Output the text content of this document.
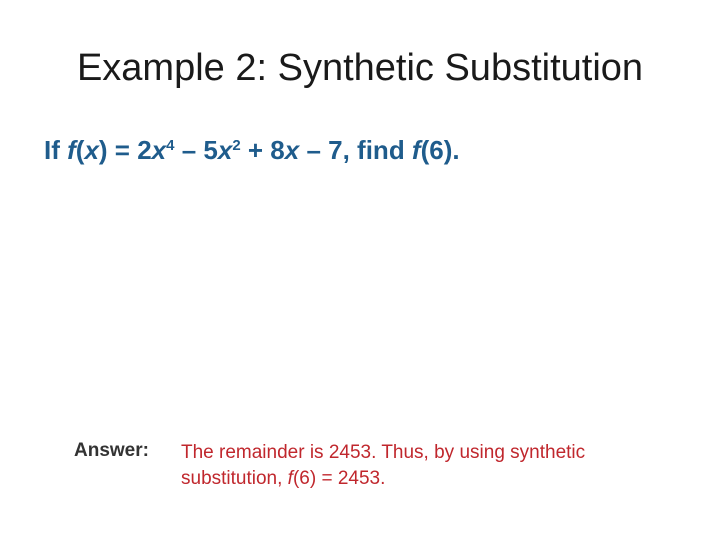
Example 2: Synthetic Substitution
If $f(x) = 2x^4 - 5x^2 + 8x - 7$, find f(6).
Answer: The remainder is 2453. Thus, by using synthetic substitution, f(6) = 2453.
